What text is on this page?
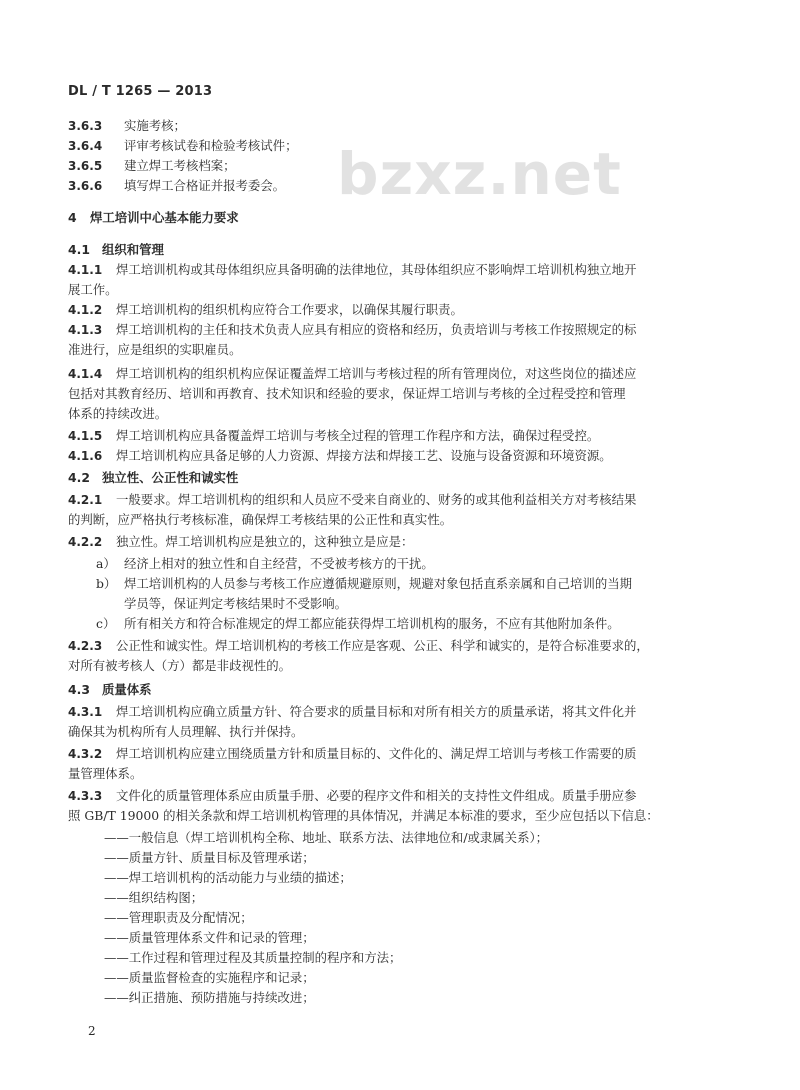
bzxz.net
DL / T 1265 — 2013
3.6.3 实施考核；
3.6.4 评审考核试卷和检验考核试件；
3.6.5 建立焊工考核档案；
3.6.6 填写焊工合格证并报考委会。
4 焊工培训中心基本能力要求
4.1 组织和管理
4.1.1 焊工培训机构或其母体组织应具备明确的法律地位，其母体组织应不影响焊工培训机构独立地开
展工作。
4.1.2 焊工培训机构的组织机构应符合工作要求，以确保其履行职责。
4.1.3 焊工培训机构的主任和技术负责人应具有相应的资格和经历，负责培训与考核工作按照规定的标
准进行，应是组织的实职雇员。
4.1.4 焊工培训机构的组织机构应保证覆盖焊工培训与考核过程的所有管理岗位，对这些岗位的描述应
包括对其教育经历、培训和再教育、技术知识和经验的要求，保证焊工培训与考核的全过程受控和管理
体系的持续改进。
4.1.5 焊工培训机构应具备覆盖焊工培训与考核全过程的管理工作程序和方法，确保过程受控。
4.1.6 焊工培训机构应具备足够的人力资源、焊接方法和焊接工艺、设施与设备资源和环境资源。
4.2 独立性、公正性和诚实性
4.2.1 一般要求。焊工培训机构的组织和人员应不受来自商业的、财务的或其他利益相关方对考核结果
的判断，应严格执行考核标准，确保焊工考核结果的公正性和真实性。
4.2.2 独立性。焊工培训机构应是独立的，这种独立是应是：
a） 经济上相对的独立性和自主经营，不受被考核方的干扰。
b） 焊工培训机构的人员参与考核工作应遵循规避原则，规避对象包括直系亲属和自己培训的当期
学员等，保证判定考核结果时不受影响。
c） 所有相关方和符合标准规定的焊工都应能获得焊工培训机构的服务，不应有其他附加条件。
4.2.3 公正性和诚实性。焊工培训机构的考核工作应是客观、公正、科学和诚实的，是符合标准要求的，
对所有被考核人（方）都是非歧视性的。
4.3 质量体系
4.3.1 焊工培训机构应确立质量方针、符合要求的质量目标和对所有相关方的质量承诺，将其文件化并
确保其为机构所有人员理解、执行并保持。
4.3.2 焊工培训机构应建立围绕质量方针和质量目标的、文件化的、满足焊工培训与考核工作需要的质
量管理体系。
4.3.3 文件化的质量管理体系应由质量手册、必要的程序文件和相关的支持性文件组成。质量手册应参
照 GB/T 19000 的相关条款和焊工培训机构管理的具体情况，并满足本标准的要求，至少应包括以下信息：
——一般信息（焊工培训机构全称、地址、联系方法、法律地位和/或隶属关系）；
——质量方针、质量目标及管理承诺；
——焊工培训机构的活动能力与业绩的描述；
——组织结构图；
——管理职责及分配情况；
——质量管理体系文件和记录的管理；
——工作过程和管理过程及其质量控制的程序和方法；
——质量监督检查的实施程序和记录；
——纠正措施、预防措施与持续改进；
2
